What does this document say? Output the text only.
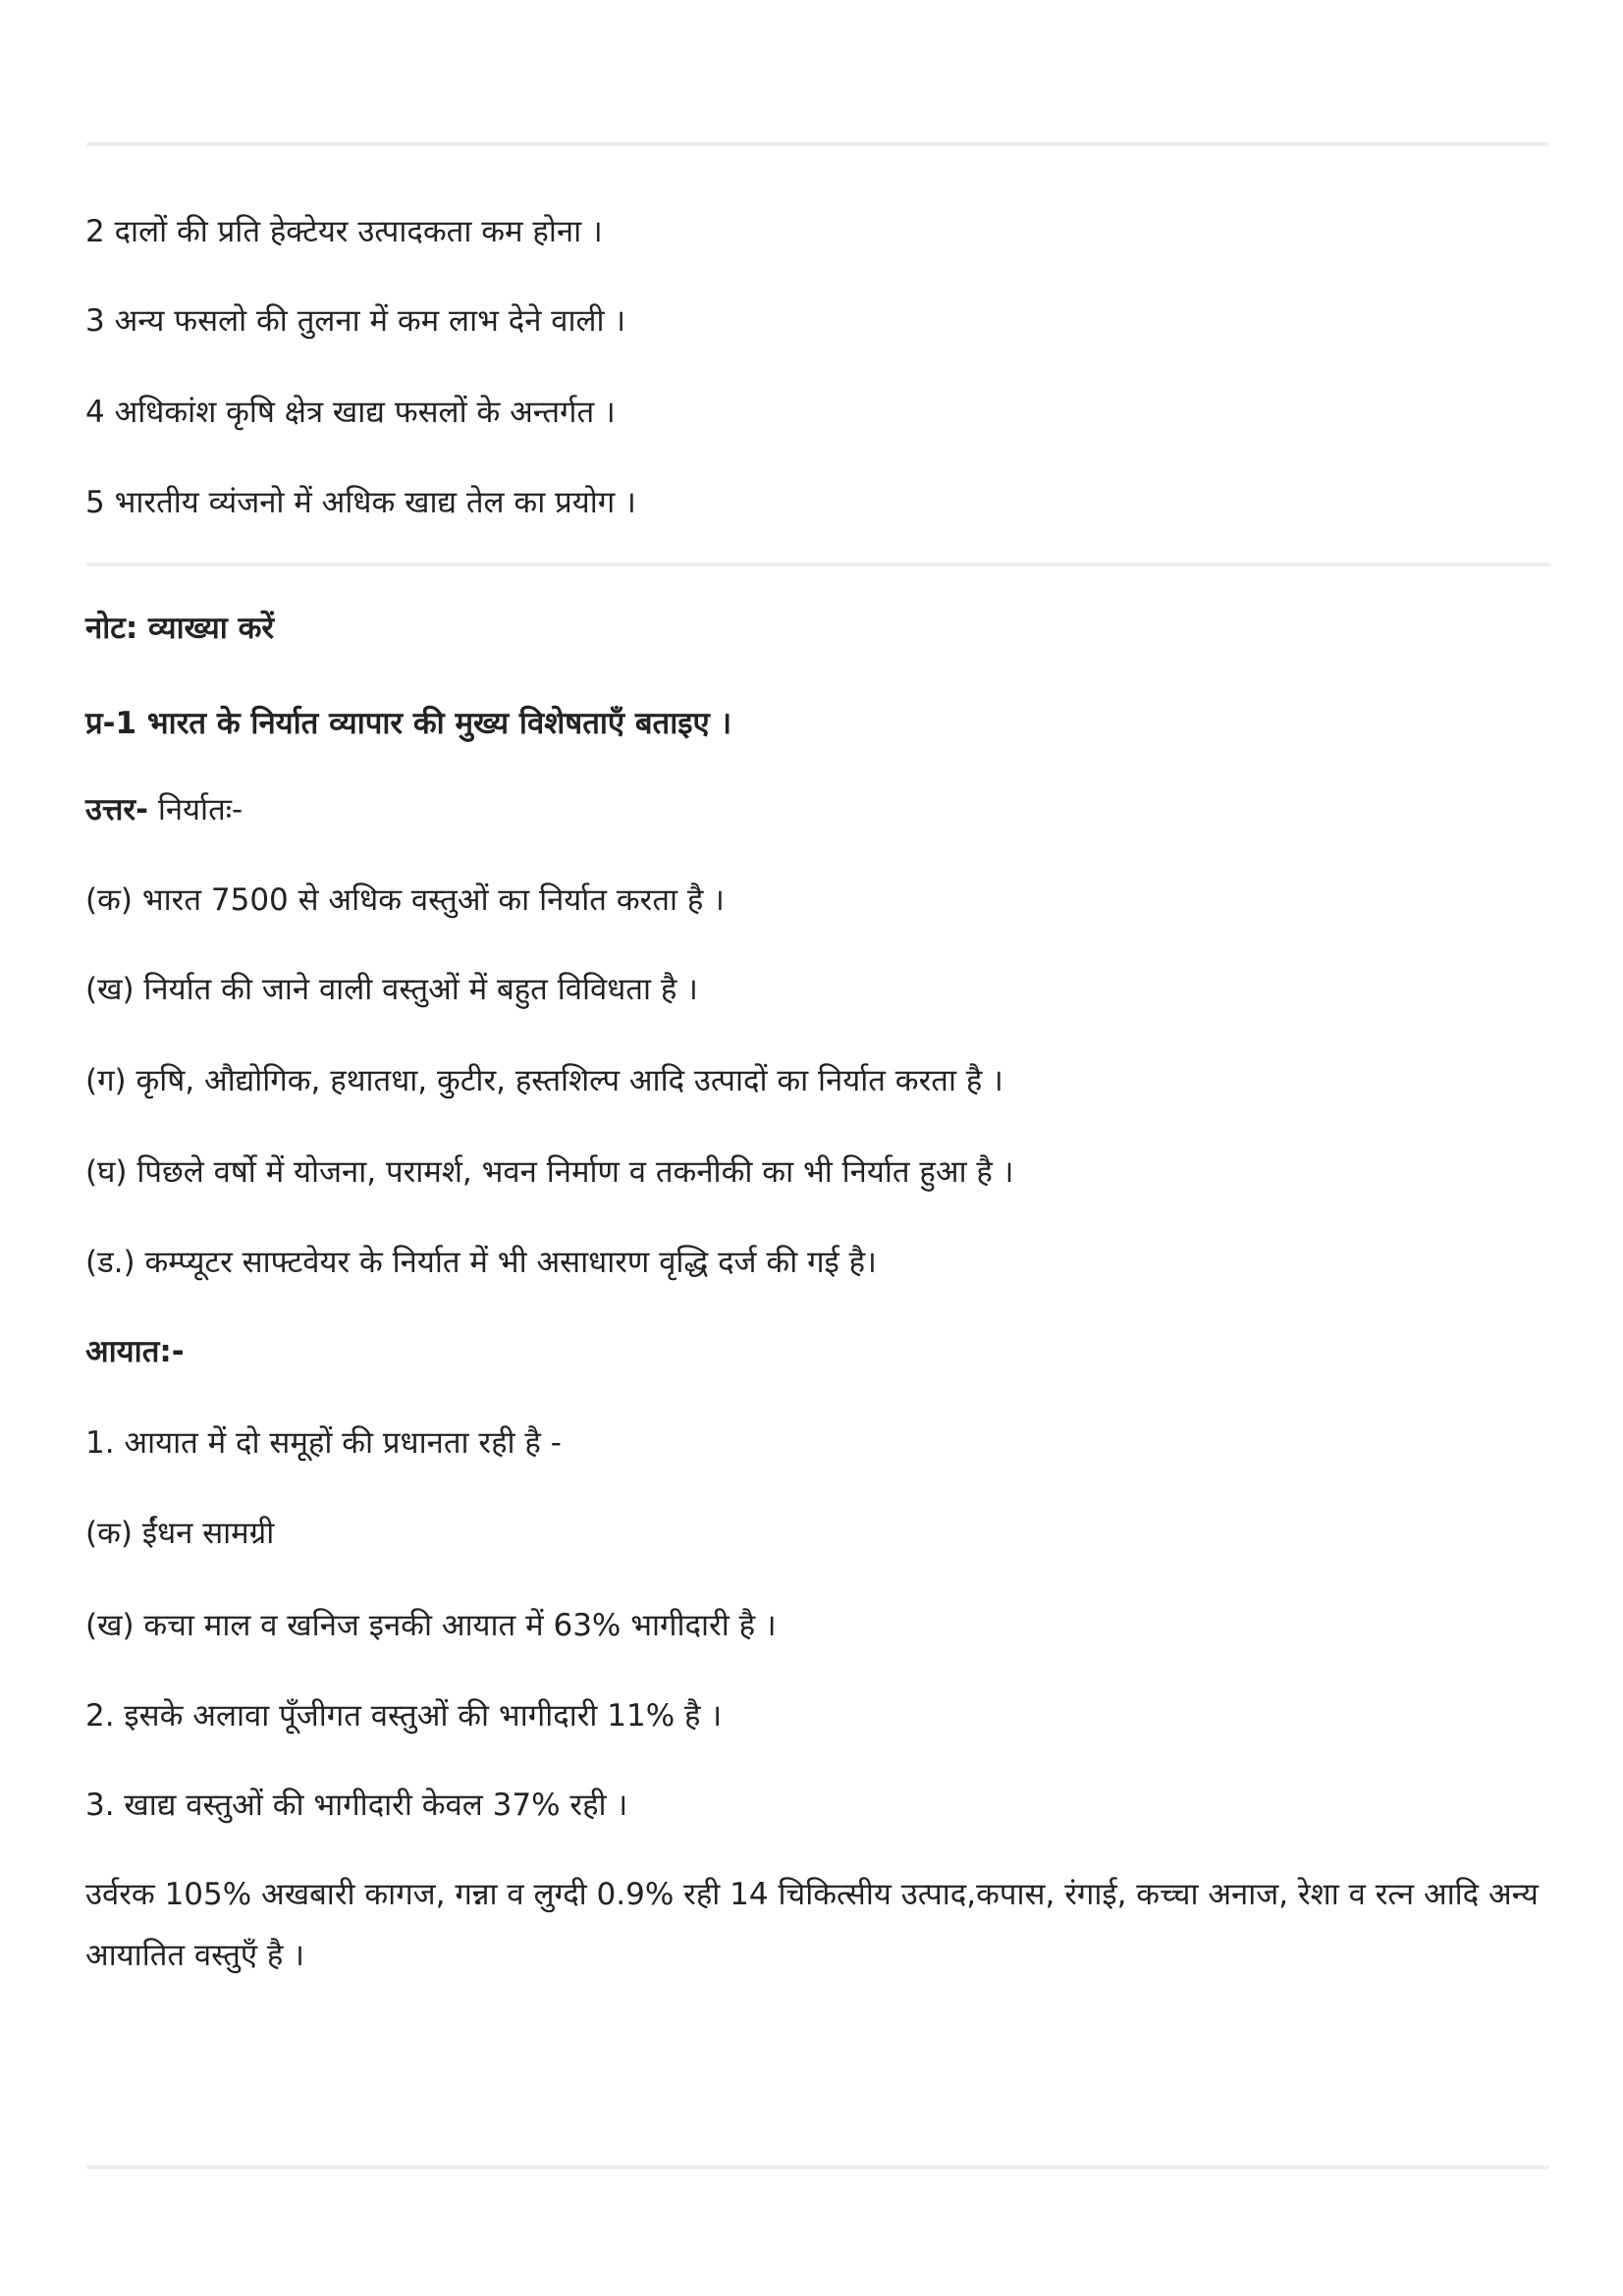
2 दालों की प्रति हेक्टेयर उत्पादकता कम होना ।
3 अन्य फसलो की तुलना में कम लाभ देने वाली ।
4 अधिकांश कृषि क्षेत्र खाद्य फसलों के अन्तर्गत ।
5 भारतीय व्यंजनो में अधिक खाद्य तेल का प्रयोग ।
नोट: व्याख्या करें
प्र-1 भारत के निर्यात व्यापार की मुख्य विशेषताएँ बताइए ।
उत्तर- निर्यातः-
(क) भारत 7500 से अधिक वस्तुओं का निर्यात करता है ।
(ख) निर्यात की जाने वाली वस्तुओं में बहुत विविधता है ।
(ग) कृषि, औद्योगिक, हथातधा, कुटीर, हस्तशिल्प आदि उत्पादों का निर्यात करता है ।
(घ) पिछले वर्षो में योजना, परामर्श, भवन निर्माण व तकनीकी का भी निर्यात हुआ है ।
(ड.) कम्प्यूटर साफ्टवेयर के निर्यात में भी असाधारण वृद्धि दर्ज की गई है।
आयात:-
1. आयात में दो समूहों की प्रधानता रही है -
(क) ईंधन सामग्री
(ख) कचा माल व खनिज इनकी आयात में 63% भागीदारी है ।
2. इसके अलावा पूँजीगत वस्तुओं की भागीदारी 11% है ।
3. खाद्य वस्तुओं की भागीदारी केवल 37% रही ।
उर्वरक 105% अखबारी कागज, गन्ना व लुग्दी 0.9% रही 14 चिकित्सीय उत्पाद,कपास, रंगाई, कच्चा अनाज, रेशा व रत्न आदि अन्य आयातित वस्तुएँ है ।
